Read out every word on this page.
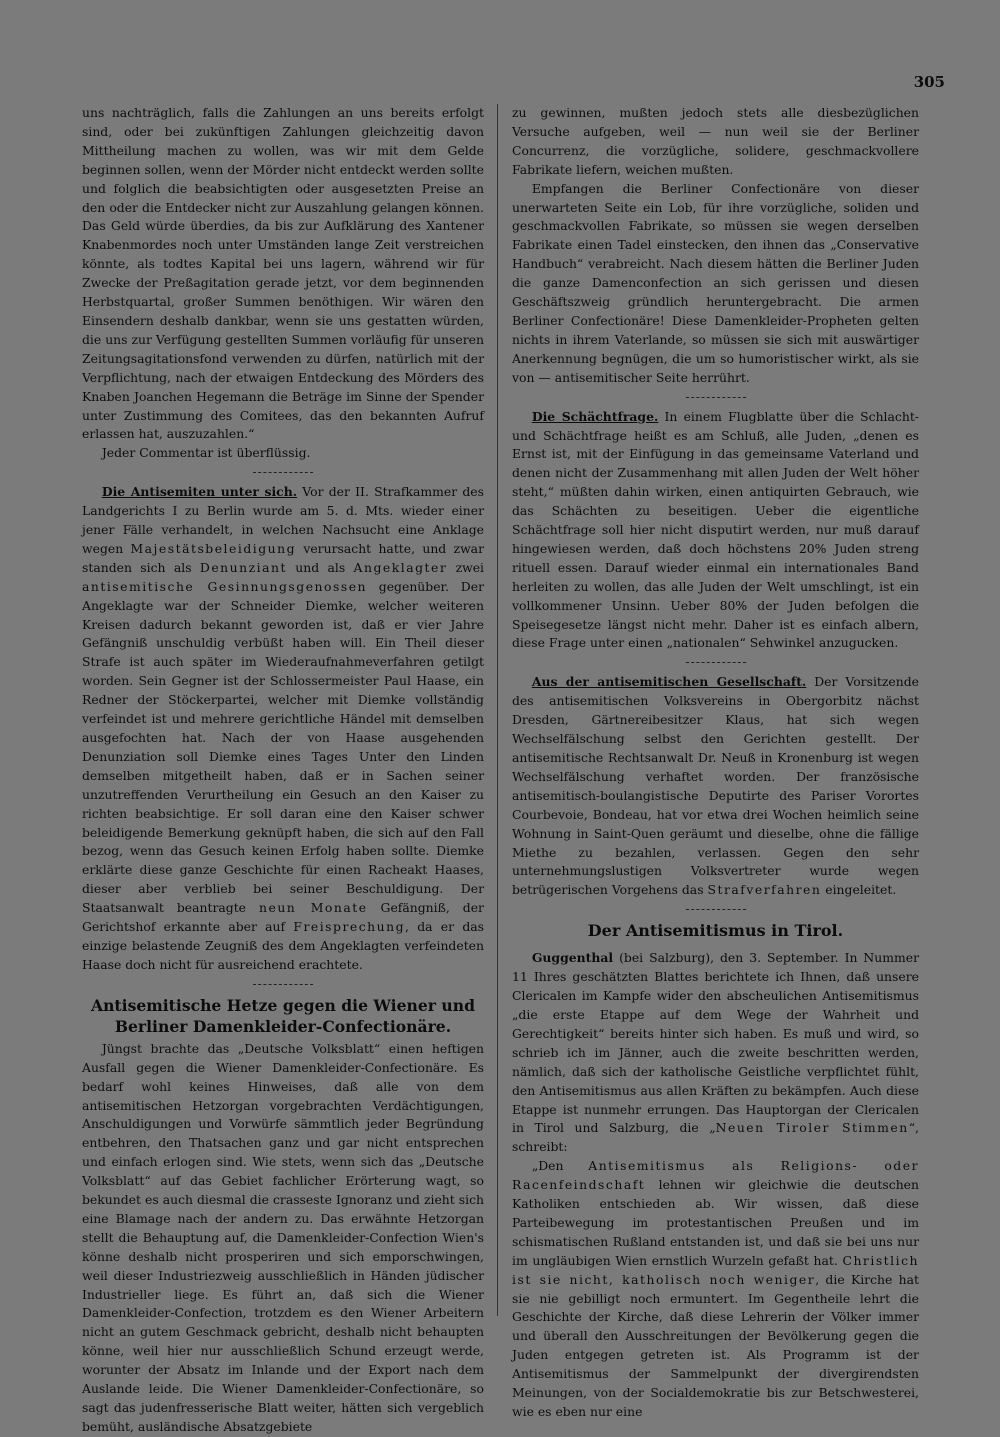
305

uns nachträglich, falls die Zahlungen an uns bereits erfolgt sind, oder bei zukünftigen Zahlungen gleichzeitig davon Mittheilung machen zu wollen, was wir mit dem Gelde beginnen sollen, wenn der Mörder nicht entdeckt werden sollte und folglich die beabsichtigten oder ausgesetzten Preise an den oder die Entdecker nicht zur Auszahlung gelangen können. Das Geld würde überdies, da bis zur Aufklärung des Xantener Knabenmordes noch unter Umständen lange Zeit verstreichen könnte, als todtes Kapital bei uns lagern, während wir für Zwecke der Preßagitation gerade jetzt, vor dem beginnenden Herbstquartal, großer Summen benöthigen. Wir wären den Einsendern deshalb dankbar, wenn sie uns gestatten würden, die uns zur Verfügung gestellten Summen vorläufig für unseren Zeitungsagitationsfond verwenden zu dürfen, natürlich mit der Verpflichtung, nach der etwaigen Entdeckung des Mörders des Knaben Joanchen Hegemann die Beträge im Sinne der Spender unter Zustimmung des Comitees, das den bekannten Aufruf erlassen hat, auszuzahlen.“

Jeder Commentar ist überflüssig.

Die Antisemiten unter sich. Vor der II. Strafkammer des Landgerichts I zu Berlin wurde am 5. d. Mts. wieder einer jener Fälle verhandelt, in welchen Nachsucht eine Anklage wegen Majestätsbeleidigung verursacht hatte, und zwar standen sich als Denunziant und als Angeklagter zwei antisemitische Gesinnungsgenossen gegenüber. Der Angeklagte war der Schneider Diemke, welcher weiteren Kreisen dadurch bekannt geworden ist, daß er vier Jahre Gefängniß unschuldig verbüßt haben will. Ein Theil dieser Strafe ist auch später im Wiederaufnahmeverfahren getilgt worden. Sein Gegner ist der Schlossermeister Paul Haase, ein Redner der Stöckerpartei, welcher mit Diemke vollständig verfeindet ist und mehrere gerichtliche Händel mit demselben ausgefochten hat. Nach der von Haase ausgehenden Denunziation soll Diemke eines Tages Unter den Linden demselben mitgetheilt haben, daß er in Sachen seiner unzutreffenden Verurtheilung ein Gesuch an den Kaiser zu richten beabsichtige. Er soll daran eine den Kaiser schwer beleidigende Bemerkung geknüpft haben, die sich auf den Fall bezog, wenn das Gesuch keinen Erfolg haben sollte. Diemke erklärte diese ganze Geschichte für einen Racheakt Haases, dieser aber verblieb bei seiner Beschuldigung. Der Staatsanwalt beantragte neun Monate Gefängniß, der Gerichtshof erkannte aber auf Freisprechung, da er das einzige belastende Zeugniß des dem Angeklagten verfeindeten Haase doch nicht für ausreichend erachtete.

Antisemitische Hetze gegen die Wiener und
Berliner Damenkleider-Confectionäre.

Jüngst brachte das „Deutsche Volksblatt“ einen heftigen Ausfall gegen die Wiener Damenkleider-Confectionäre. Es bedarf wohl keines Hinweises, daß alle von dem antisemitischen Hetzorgan vorgebrachten Verdächtigungen, Anschuldigungen und Vorwürfe sämmtlich jeder Begründung entbehren, den Thatsachen ganz und gar nicht entsprechen und einfach erlogen sind. Wie stets, wenn sich das „Deutsche Volksblatt“ auf das Gebiet fachlicher Erörterung wagt, so bekundet es auch diesmal die crasseste Ignoranz und zieht sich eine Blamage nach der andern zu. Das erwähnte Hetzorgan stellt die Behauptung auf, die Damenkleider-Confection Wien's könne deshalb nicht prosperiren und sich emporschwingen, weil dieser Industriezweig ausschließlich in Händen jüdischer Industrieller liege. Es führt an, daß sich die Wiener Damenkleider-Confection, trotzdem es den Wiener Arbeitern nicht an gutem Geschmack gebricht, deshalb nicht behaupten könne, weil hier nur ausschließlich Schund erzeugt werde, worunter der Absatz im Inlande und der Export nach dem Auslande leide. Die Wiener Damenkleider-Confectionäre, so sagt das judenfresserische Blatt weiter, hätten sich vergeblich bemüht, ausländische Absatzgebiete

zu gewinnen, mußten jedoch stets alle diesbezüglichen Versuche aufgeben, weil — nun weil sie der Berliner Concurrenz, die vorzügliche, solidere, geschmackvollere Fabrikate liefern, weichen mußten.

Empfangen die Berliner Confectionäre von dieser unerwarteten Seite ein Lob, für ihre vorzügliche, soliden und geschmackvollen Fabrikate, so müssen sie wegen derselben Fabrikate einen Tadel einstecken, den ihnen das „Conservative Handbuch“ verabreicht. Nach diesem hätten die Berliner Juden die ganze Damenconfection an sich gerissen und diesen Geschäftszweig gründlich heruntergebracht. Die armen Berliner Confectionäre! Diese Damenkleider-Propheten gelten nichts in ihrem Vaterlande, so müssen sie sich mit auswärtiger Anerkennung begnügen, die um so humoristischer wirkt, als sie von — antisemitischer Seite herrührt.

Die Schächtfrage. In einem Flugblatte über die Schlacht- und Schächtfrage heißt es am Schluß, alle Juden, „denen es Ernst ist, mit der Einfügung in das gemeinsame Vaterland und denen nicht der Zusammenhang mit allen Juden der Welt höher steht,“ müßten dahin wirken, einen antiquirten Gebrauch, wie das Schächten zu beseitigen. Ueber die eigentliche Schächtfrage soll hier nicht disputirt werden, nur muß darauf hingewiesen werden, daß doch höchstens 20% Juden streng rituell essen. Darauf wieder einmal ein internationales Band herleiten zu wollen, das alle Juden der Welt umschlingt, ist ein vollkommener Unsinn. Ueber 80% der Juden befolgen die Speisegesetze längst nicht mehr. Daher ist es einfach albern, diese Frage unter einen „nationalen“ Sehwinkel anzugucken.

Aus der antisemitischen Gesellschaft. Der Vorsitzende des antisemitischen Volksvereins in Obergorbitz nächst Dresden, Gärtnereibesitzer Klaus, hat sich wegen Wechselfälschung selbst den Gerichten gestellt. Der antisemitische Rechtsanwalt Dr. Neuß in Kronenburg ist wegen Wechselfälschung verhaftet worden. Der französische antisemitisch-boulangistische Deputirte des Pariser Vorortes Courbevoie, Bondeau, hat vor etwa drei Wochen heimlich seine Wohnung in Saint-Quen geräumt und dieselbe, ohne die fällige Miethe zu bezahlen, verlassen. Gegen den sehr unternehmungslustigen Volksvertreter wurde wegen betrügerischen Vorgehens das Strafverfahren eingeleitet.

Der Antisemitismus in Tirol.

Guggenthal (bei Salzburg), den 3. September. In Nummer 11 Ihres geschätzten Blattes berichtete ich Ihnen, daß unsere Clericalen im Kampfe wider den abscheulichen Antisemitismus „die erste Etappe auf dem Wege der Wahrheit und Gerechtigkeit“ bereits hinter sich haben. Es muß und wird, so schrieb ich im Jänner, auch die zweite beschritten werden, nämlich, daß sich der katholische Geistliche verpflichtet fühlt, den Antisemitismus aus allen Kräften zu bekämpfen. Auch diese Etappe ist nunmehr errungen. Das Hauptorgan der Clericalen in Tirol und Salzburg, die „Neuen Tiroler Stimmen“, schreibt:

„Den Antisemitismus als Religions- oder Racenfeindschaft lehnen wir gleichwie die deutschen Katholiken entschieden ab. Wir wissen, daß diese Parteibewegung im protestantischen Preußen und im schismatischen Rußland entstanden ist, und daß sie bei uns nur im ungläubigen Wien ernstlich Wurzeln gefaßt hat. Christlich ist sie nicht, katholisch noch weniger, die Kirche hat sie nie gebilligt noch ermuntert. Im Gegentheile lehrt die Geschichte der Kirche, daß diese Lehrerin der Völker immer und überall den Ausschreitungen der Bevölkerung gegen die Juden entgegen getreten ist. Als Programm ist der Antisemitismus der Sammelpunkt der divergirendsten Meinungen, von der Socialdemokratie bis zur Betschwesterei, wie es eben nur eine
